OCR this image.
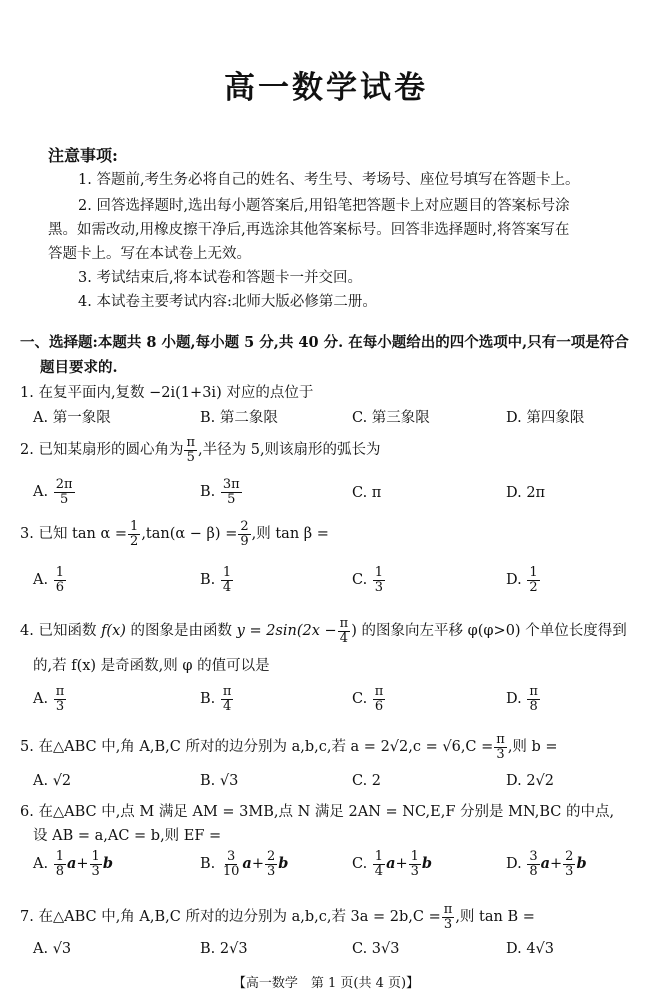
高一数学试卷
注意事项:
1. 答题前,考生务必将自己的姓名、考生号、考场号、座位号填写在答题卡上。
2. 回答选择题时,选出每小题答案后,用铅笔把答题卡上对应题目的答案标号涂
黑。如需改动,用橡皮擦干净后,再选涂其他答案标号。回答非选择题时,将答案写在
答题卡上。写在本试卷上无效。
3. 考试结束后,将本试卷和答题卡一并交回。
4. 本试卷主要考试内容:北师大版必修第二册。
一、选择题:本题共 8 小题,每小题 5 分,共 40 分. 在每小题给出的四个选项中,只有一项是符合
题目要求的.
1. 在复平面内,复数 −2i(1+3i) 对应的点位于
A. 第一象限	B. 第二象限	C. 第三象限	D. 第四象限
2. 已知某扇形的圆心角为 $\frac{\pi}{5}$ ,半径为 5,则该扇形的弧长为
A. $\frac{2\pi}{5}$	B. $\frac{3\pi}{5}$	C. π	D. 2π
3. 已知 $\tan \alpha = \frac{1}{2} ,\tan(\alpha - \beta) = \frac{2}{9}$ ,则 tan β =
A. $\frac{1}{6}$	B. $\frac{1}{4}$	C. $\frac{1}{3}$	D. $\frac{1}{2}$
4. 已知函数 f(x) 的图象是由函数 $y = 2\sin(2x - \frac{\pi}{4}$ ) 的图象向左平移 φ(φ>0) 个单位长度得到
的,若 f(x) 是奇函数,则 φ 的值可以是
A. $\frac{\pi}{3}$	B. $\frac{\pi}{4}$	C. $\frac{\pi}{6}$	D. $\frac{\pi}{8}$
5. 在△ABC 中,角 A,B,C 所对的边分别为 a,b,c,若 $a = 2√2,c = √6,C = \frac{\pi}{3}$ ,则 b =
A. √2	B. √3	C. 2	D. 2√2
6. 在△ABC 中,点 M 满足 AM = 3MB,点 N 满足 2AN = NC,E,F 分别是 MN,BC 的中点,
设 AB = a,AC = b,则 EF =
A. $\frac{1}{8} a+ \frac{1}{3}$ b	B. $\frac{3}{10} a+ \frac{2}{3}$ b	C. $\frac{1}{4} a+ \frac{1}{3}$ b	D. $\frac{3}{8} a+ \frac{2}{3}$ b
7. 在△ABC 中,角 A,B,C 所对的边分别为 a,b,c,若 $3a = 2b,C = \frac{\pi}{3}$ ,则 tan B =
A. √3	B. 2√3	C. 3√3	D. 4√3
【高一数学　第 1 页(共 4 页)】
